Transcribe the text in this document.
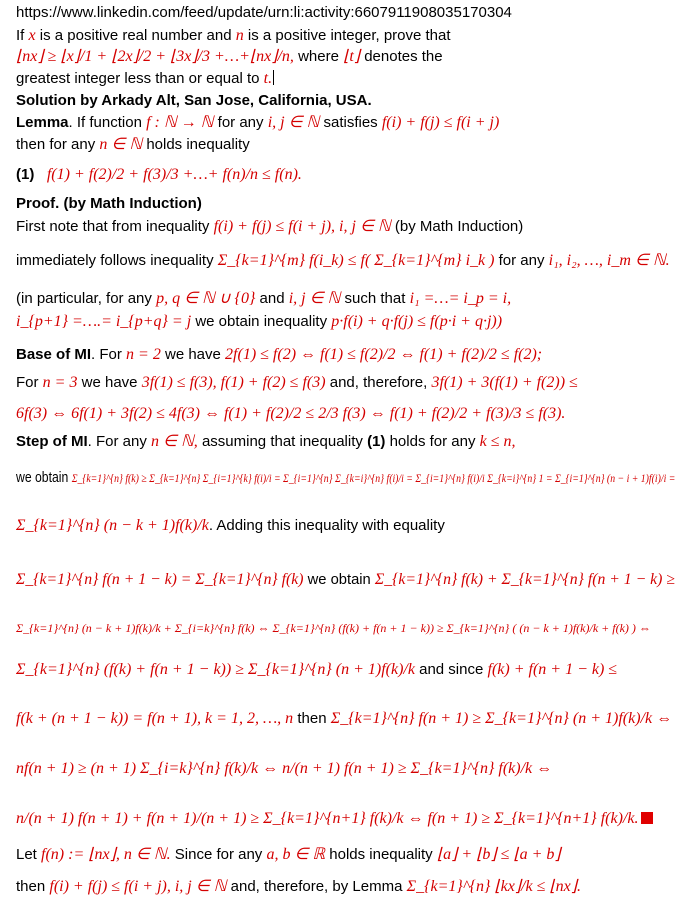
https://www.linkedin.com/feed/update/urn:li:activity:6607911908035170304
If x is a positive real number and n is a positive integer, prove that
⌊nx⌋ ≥ ⌊x⌋/1 + ⌊2x⌋/2 + ⌊3x⌋/3 +…+⌊nx⌋/n, where ⌊t⌋ denotes the
greatest integer less than or equal to t.
Solution by Arkady Alt, San Jose, California, USA.
Lemma. If function f : ℕ → ℕ for any i, j ∈ ℕ satisfies f(i) + f(j) ≤ f(i + j)
then for any n ∈ ℕ holds inequality
(1) f(1) + f(2)/2 + f(3)/3 +…+ f(n)/n ≤ f(n).
Proof. (by Math Induction)
First note that from inequality f(i) + f(j) ≤ f(i + j), i, j ∈ ℕ (by Math Induction)
immediately follows inequality Σ_{k=1}^{m} f(i_k) ≤ f( Σ_{k=1}^{m} i_k ) for any i₁, i₂, …, i_m ∈ ℕ.
(in particular, for any p, q ∈ ℕ ∪ {0} and i, j ∈ ℕ such that i₁ =…= i_p = i,
i_{p+1} =….= i_{p+q} = j we obtain inequality p·f(i) + q·f(j) ≤ f(p·i + q·j))
Base of MI. For n = 2 we have 2f(1) ≤ f(2) ⇔ f(1) ≤ f(2)/2 ⇔ f(1) + f(2)/2 ≤ f(2);
For n = 3 we have 3f(1) ≤ f(3), f(1) + f(2) ≤ f(3) and, therefore, 3f(1) + 3(f(1) + f(2)) ≤
6f(3) ⇔ 6f(1) + 3f(2) ≤ 4f(3) ⇔ f(1) + f(2)/2 ≤ 2/3 f(3) ⇔ f(1) + f(2)/2 + f(3)/3 ≤ f(3).
Step of MI. For any n ∈ ℕ, assuming that inequality (1) holds for any k ≤ n,
we obtain Σ_{k=1}^{n} f(k) ≥ Σ_{k=1}^{n} Σ_{i=1}^{k} f(i)/i = Σ_{i=1}^{n} Σ_{k=i}^{n} f(i)/i = Σ_{i=1}^{n} f(i)/i Σ_{k=i}^{n} 1 = Σ_{i=1}^{n} (n − i + 1)f(i)/i =
Σ_{k=1}^{n} (n − k + 1)f(k)/k. Adding this inequality with equality
Σ_{k=1}^{n} f(n + 1 − k) = Σ_{k=1}^{n} f(k) we obtain Σ_{k=1}^{n} f(k) + Σ_{k=1}^{n} f(n + 1 − k) ≥
Σ_{k=1}^{n} (n − k + 1)f(k)/k + Σ_{i=k}^{n} f(k) ⇔ Σ_{k=1}^{n} (f(k) + f(n + 1 − k)) ≥ Σ_{k=1}^{n} ( (n − k + 1)f(k)/k + f(k) ) ⇔
Σ_{k=1}^{n} (f(k) + f(n + 1 − k)) ≥ Σ_{k=1}^{n} (n + 1)f(k)/k and since f(k) + f(n + 1 − k) ≤
f(k + (n + 1 − k)) = f(n + 1), k = 1, 2, …, n then Σ_{k=1}^{n} f(n + 1) ≥ Σ_{k=1}^{n} (n + 1)f(k)/k ⇔
nf(n + 1) ≥ (n + 1) Σ_{i=k}^{n} f(k)/k ⇔ n/(n + 1) f(n + 1) ≥ Σ_{k=1}^{n} f(k)/k ⇔
n/(n + 1) f(n + 1) + f(n + 1)/(n + 1) ≥ Σ_{k=1}^{n+1} f(k)/k ⇔ f(n + 1) ≥ Σ_{k=1}^{n+1} f(k)/k.
Let f(n) := ⌊nx⌋, n ∈ ℕ. Since for any a, b ∈ ℝ holds inequality ⌊a⌋ + ⌊b⌋ ≤ ⌊a + b⌋
then f(i) + f(j) ≤ f(i + j), i, j ∈ ℕ and, therefore, by Lemma Σ_{k=1}^{n} ⌊kx⌋/k ≤ ⌊nx⌋.
